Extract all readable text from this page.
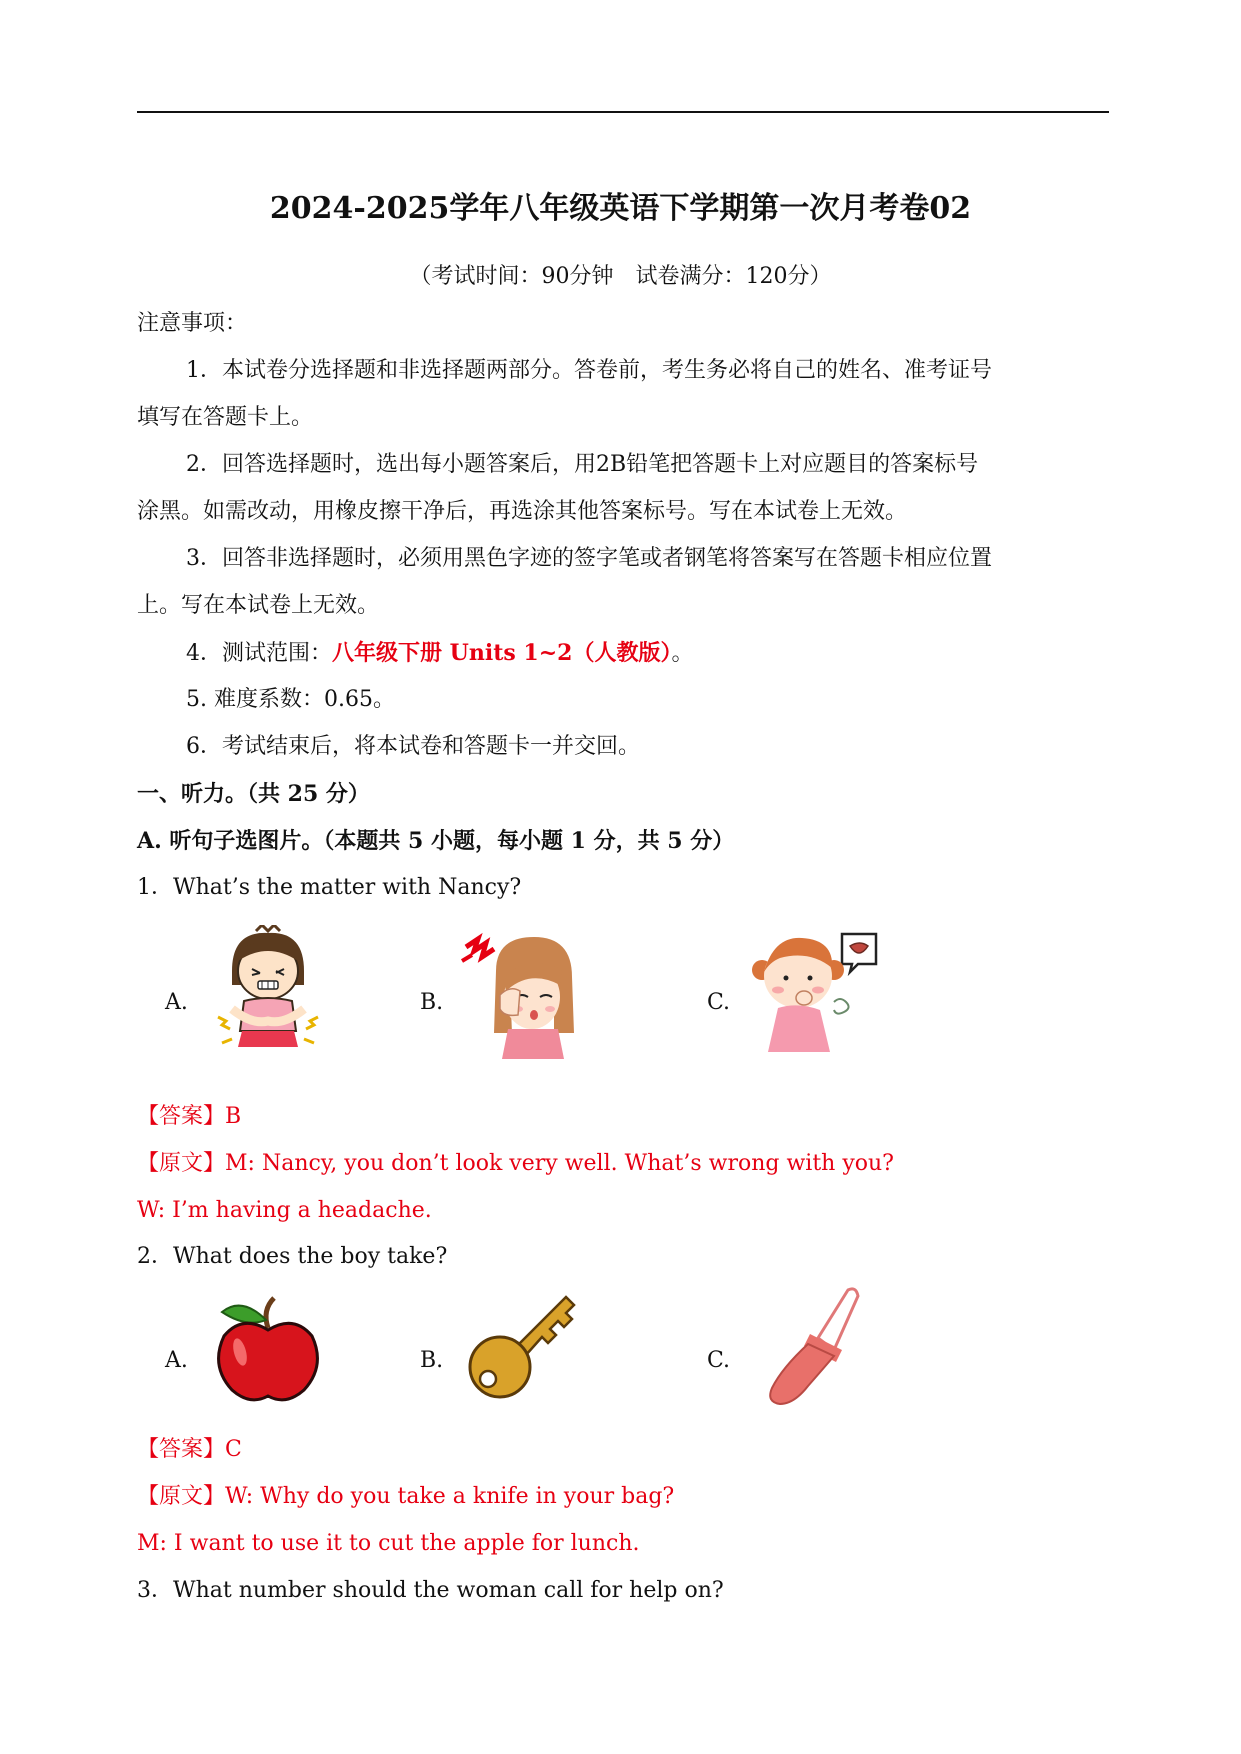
2024-2025学年八年级英语下学期第一次月考卷02
（考试时间：90分钟　试卷满分：120分）
注意事项：
1．本试卷分选择题和非选择题两部分。答卷前，考生务必将自己的姓名、准考证号
填写在答题卡上。
2．回答选择题时，选出每小题答案后，用2B铅笔把答题卡上对应题目的答案标号
涂黑。如需改动，用橡皮擦干净后，再选涂其他答案标号。写在本试卷上无效。
3．回答非选择题时，必须用黑色字迹的签字笔或者钢笔将答案写在答题卡相应位置
上。写在本试卷上无效。
4．测试范围：八年级下册 Units 1~2（人教版）。
5. 难度系数：0.65。
6．考试结束后，将本试卷和答题卡一并交回。
一、听力。（共 25 分）
A. 听句子选图片。（本题共 5 小题，每小题 1 分，共 5 分）
1．What’s the matter with Nancy?
A.	B.	C.
【答案】B
【原文】M: Nancy, you don’t look very well. What’s wrong with you?
W: I’m having a headache.
2．What does the boy take?
A.	B.	C.
【答案】C
【原文】W: Why do you take a knife in your bag?
M: I want to use it to cut the apple for lunch.
3．What number should the woman call for help on?
